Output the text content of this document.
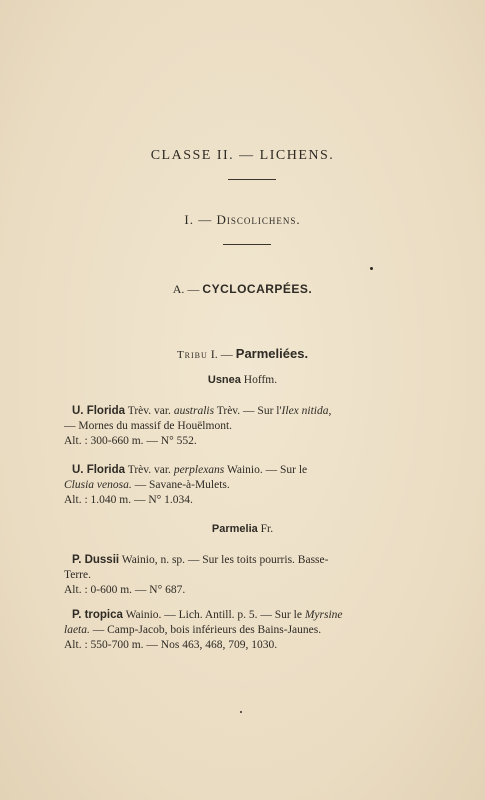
CLASSE II. — LICHENS.
I. — Discolichens.
A. — CYCLOCARPÉES.
Tribu I. — Parmeliées.
Usnea Hoffm.
U. Florida Trèv. var. australis Trèv. — Sur l'Ilex nitida,
— Mornes du massif de Houëlmont.
Alt. : 300-660 m. — N° 552.
U. Florida Trèv. var. perplexans Wainio. — Sur le
Clusia venosa. — Savane-à-Mulets.
Alt. : 1.040 m. — N° 1.034.
Parmelia Fr.
P. Dussii Wainio, n. sp. — Sur les toits pourris. Basse-
Terre.
Alt. : 0-600 m. — N° 687.
P. tropica Wainio. — Lich. Antill. p. 5. — Sur le Myrsine
laeta. — Camp-Jacob, bois inférieurs des Bains-Jaunes.
Alt. : 550-700 m. — Nos 463, 468, 709, 1030.
